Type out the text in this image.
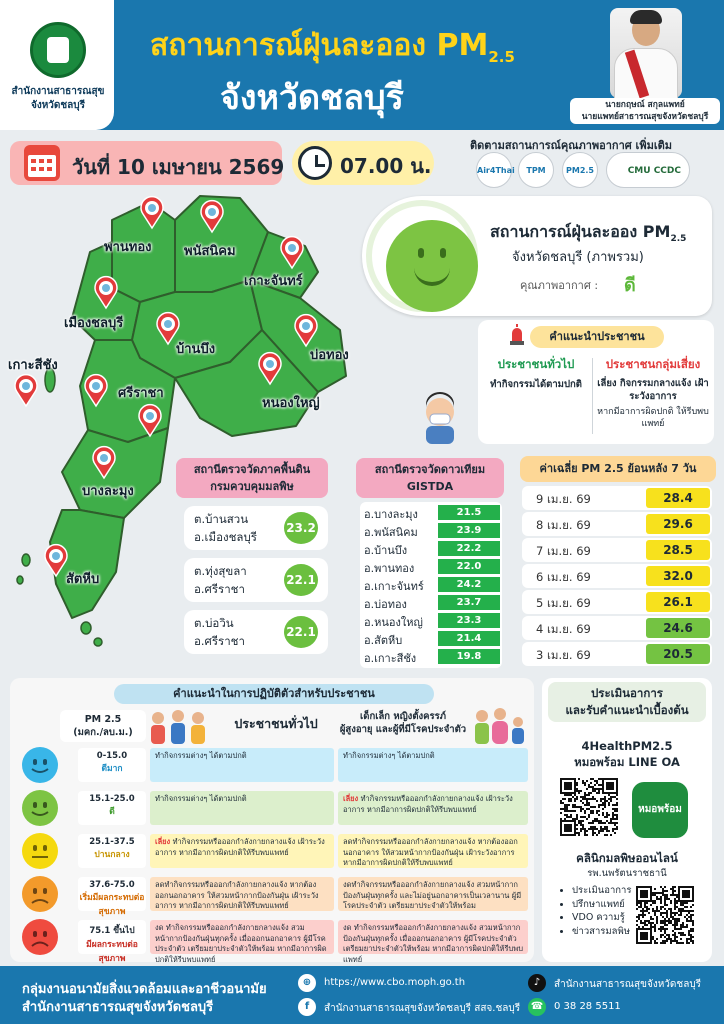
สำนักงานสาธารณสุข
จังหวัดชลบุรี
สถานการณ์ฝุ่นละออง $PM_{2.5}$
จังหวัดชลบุรี	นายกฤษณ์ สกุลแพทย์
นายแพทย์สาธารณสุขจังหวัดชลบุรี
วันที่ 10 เมษายน 2569	07.00 น.
ติดตามสถานการณ์คุณภาพอากาศ เพิ่มเติม
Air4Thai	TPM	PM2.5	CMU CCDC
พานทอง	พนัสนิคม
เกาะจันทร์
เมืองชลบุรี
บ้านบึง	บ่อทอง
เกาะสีชัง
ศรีราชา
หนองใหญ่
บางละมุง
สัตหีบ
สถานการณ์ฝุ่นละออง $PM_{2.5}$
จังหวัดชลบุรี (ภาพรวม)
คุณภาพอากาศ : ดี
คำแนะนำประชาชน
ประชาชนทั่วไป
ทำกิจกรรมได้ตามปกติ
ประชาชนกลุ่มเสี่ยง
เลี่ยง กิจกรรมกลางแจ้ง เฝ้าระวังอาการ
หากมีอาการผิดปกติ ให้รีบพบแพทย์
สถานีตรวจวัดภาคพื้นดิน
กรมควบคุมมลพิษ
ต.บ้านสวน
อ.เมืองชลบุรี
23.2
ต.ทุ่งสุขลา
อ.ศรีราชา
22.1
ต.บ่อวิน
อ.ศรีราชา
22.1
สถานีตรวจวัดดาวเทียม
GISTDA
อ.บางละมุง	21.5
อ.พนัสนิคม	23.9
อ.บ้านบึง	22.2
อ.พานทอง	22.0
อ.เกาะจันทร์	24.2
อ.บ่อทอง	23.7
อ.หนองใหญ่	23.3
อ.สัตหีบ	21.4
อ.เกาะสีชัง	19.8
ค่าเฉลี่ย PM 2.5 ย้อนหลัง 7 วัน
9 เม.ย. 69	28.4
8 เม.ย. 69	29.6
7 เม.ย. 69	28.5
6 เม.ย. 69	32.0
5 เม.ย. 69	26.1
4 เม.ย. 69	24.6
3 เม.ย. 69	20.5
คำแนะนำในการปฏิบัติตัวสำหรับประชาชน
PM 2.5
(มคก./ลบ.ม.)
ประชาชนทั่วไป	เด็กเล็ก หญิงตั้งครรภ์
ผู้สูงอายุ และผู้ที่มีโรคประจำตัว
0-15.0
ดีมาก
ทำกิจกรรมต่างๆ ได้ตามปกติ	ทำกิจกรรมต่างๆ ได้ตามปกติ
15.1-25.0
ดี
ทำกิจกรรมต่างๆ ได้ตามปกติ	เลี่ยง ทำกิจกรรมหรือออกกำลังกายกลางแจ้ง เฝ้าระวังอาการ หากมีอาการผิดปกติให้รีบพบแพทย์
25.1-37.5
ปานกลาง
เลี่ยง ทำกิจกรรมหรือออกกำลังกายกลางแจ้ง เฝ้าระวังอาการ หากมีอาการผิดปกติให้รีบพบแพทย์
ลดทำกิจกรรมหรือออกกำลังกายกลางแจ้ง หากต้องออกนอกอาคาร ให้สวมหน้ากากป้องกันฝุ่น เฝ้าระวังอาการ หากมีอาการผิดปกติให้รีบพบแพทย์
37.6-75.0
เริ่มมีผลกระทบต่อสุขภาพ
ลดทำกิจกรรมหรือออกกำลังกายกลางแจ้ง หากต้องออกนอกอาคาร ให้สวมหน้ากากป้องกันฝุ่น เฝ้าระวังอาการ หากมีอาการผิดปกติให้รีบพบแพทย์
งดทำกิจกรรมหรือออกกำลังกายกลางแจ้ง สวมหน้ากากป้องกันฝุ่นทุกครั้ง และไม่อยู่นอกอาคารเป็นเวลานาน ผู้มีโรคประจำตัว เตรียมยาประจำตัวให้พร้อม
75.1 ขึ้นไป
มีผลกระทบต่อสุขภาพ
งด ทำกิจกรรมหรือออกกำลังกายกลางแจ้ง สวมหน้ากากป้องกันฝุ่นทุกครั้ง เมื่อออกนอกอาคาร ผู้มีโรคประจำตัว เตรียมยาประจำตัวให้พร้อม หากมีอาการผิดปกติให้รีบพบแพทย์
งด ทำกิจกรรมหรือออกกำลังกายกลางแจ้ง สวมหน้ากากป้องกันฝุ่นทุกครั้ง เมื่อออกนอกอาคาร ผู้มีโรคประจำตัว เตรียมยาประจำตัวให้พร้อม หากมีอาการผิดปกติให้รีบพบแพทย์
ประเมินอาการ
และรับคำแนะนำเบื้องต้น
4HealthPM2.5
หมอพร้อม LINE OA
หมอพร้อม
คลินิกมลพิษออนไลน์
รพ.นพรัตนราชธานี
• ประเมินอาการ
• ปรึกษาแพทย์
• VDO ความรู้
• ข่าวสารมลพิษ
กลุ่มงานอนามัยสิ่งแวดล้อมและอาชีวอนามัย
สำนักงานสาธารณสุขจังหวัดชลบุรี
⊕	https://www.cbo.moph.go.th
f	สำนักงานสาธารณสุขจังหวัดชลบุรี สสจ.ชลบุรี
♪	สำนักงานสาธารณสุขจังหวัดชลบุรี
☎ 0 38 28 5511
